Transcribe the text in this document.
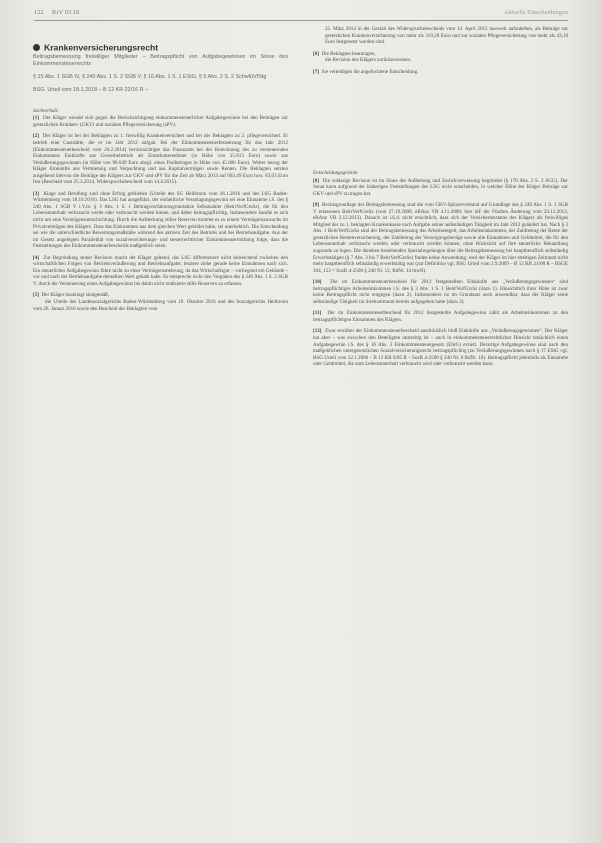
122 KrV 03.18	Aktuelle Entscheidungen
Krankenversicherungsrecht
Beitragsbemessung freiwilliger Mitglieder – Beitragspflicht von Aufgabegewinnen im Sinne des Einkommensteuerrechts
§ 15 Abs. 1 SGB IV, § 240 Abs. 1 S. 2 SGB V, § 16 Abs. 1 S. 1 EStG, § 5 Abs. 2 S. 2 SchwfüVfStg
BSG, Urteil vom 18.1.2018 – B 12 KR 22/16 R –
Sachverhalt:

[1] Der Kläger wendet sich gegen die Berücksichtigung einkommensteuerlicher Aufgabegewinne bei den Beiträgen zur gesetzlichen Kranken- (GKV) und sozialen Pflegeversicherung (sPV).

[2] Der Kläger ist bei der Beklagten zu 1. freiwillig Krankenversichert und bei der Beklagten zu 2. pflegeversichert. Er betrieb eine Gaststätte, die er im Jahr 2012 aufgab. Bei der Einkommensteuerfestsetzung für das Jahr 2012 (Einkommensteuerbescheid vom 26.2.2014) berücksichtigte das Finanzamt bei der Berechnung des zu versteuernden Einkommens Einkünfte aus Gewerbebetrieb als Einzelunternehmer (in Höhe von 35.813 Euro) sowie aus Veräußerungsgewinnen (in Höhe von 98.049 Euro abzgl. eines Freibetrages in Höhe von 45.000 Euro). Weiter bezog der Kläger Einkünfte aus Vermietung und Verpachtung und aus Kapitalvermögen sowie Renten. Die Beklagten setzten ausgehend hiervon die Beiträge des Klägers zur GKV und sPV für die Zeit ab März 2013 auf 602,49 Euro bzw. 83,03 Euro fest (Bescheid vom 25.3.2014, Widerspruchsbescheid vom 14.4.2015).

[3] Klage und Berufung sind ohne Erfolg geblieben (Urteile des SG Heilbronn vom 26.1.2016 und des LSG Baden-Württemberg vom 18.10.2016). Das LSG hat ausgeführt, der einheitliche Veranlagungsgewinn sei eine Einnahme i.S. des § 240 Abs. 1 SGB V i.V.m. § 3 Abs. 1 S. 1 Beitragsverfahrensgrundsätze Selbstzahler (BeitrVerfGrsSz), die für den Lebensunterhalt verbraucht werde oder verbraucht werden könne, und daher beitragspflichtig. Insbesondere handle es sich nicht um eine Vermögensumschichtung. Durch die Aufdeckung stiller Reserven komme es zu einem Vermögenszuwachs im Privatvermögen des Klägers. Dass das Einkommen aus dem gleichen Wert gebildet habe, sei unerheblich. Die Entscheidung sei wie die unterschiedliche Bewertungsmaßstäbe während des aktiven Zeit des Betriebs und bei Betriebsaufgabe. Aus der im Gesetz angelegten Parallelität von sozialversicherungs- und steuerrechtlicher Einkommensermittlung folge, dass die Feststellungen des Einkommensteuerbescheids maßgeblich seien.

[4] Zur Begründung seiner Revision macht der Kläger geltend, das LSG differenziere nicht hinreichend zwischen den wirtschaftlichen Folgen von Betriebsveräußerung und Betriebsaufgabe; letztere ziehe gerade keine Einnahmen nach sich. Ein steuerlicher Aufgabegewinn führe nicht zu einer Vermögensmehrung, da das Wirtschaftsgut – vorliegend ein Gebäude – vor und nach der Betriebsaufgabe denselben Wert gehabt habe. Es entspreche nicht den Vorgaben des § 240 Abs. 1 S. 2 SGB V, durch die Versteuerung eines Aufgabegewinns bis dahin nicht realisierte stille Reserven zu erfassen.

[5] Der Kläger beantragt sinngemäß,
die Urteile des Landessozialgerichts Baden-Württemberg vom 18. Oktober 2016 und des Sozialgerichts Heilbronn vom 26. Januar 2016 sowie den Bescheid der Beklagten vom

25. März 2014 in der Gestalt des Widerspruchsbescheids vom 14. April 2015 insoweit aufzuheben, als Beiträge zur gesetzlichen Krankenversicherung von mehr als 319,28 Euro und zur sozialen Pflegeversicherung von mehr als 43,18 Euro festgesetzt worden sind.

[6] Die Beklagten beantragen,
die Revision des Klägers zurückzuweisen.

[7] Sie verteidigen die angefochtene Entscheidung.

Entscheidungsgründe:

[8] Die zulässige Revision ist im Sinne der Aufhebung und Zurückverweisung begründet (§ 170 Abs. 2 S. 2 SGG). Der Senat kann aufgrund der bisherigen Feststellungen des LSG nicht entscheiden, in welcher Höhe der Kläger Beiträge zur GKV und sPV zu tragen hat.

[9] Rechtsgrundlage der Beitragsbemessung sind die vom GKV-Spitzenverband auf Grundlage des § 240 Abs. 1 S. 1 SGB V erlassenen BeitrVerfGrsSz (vom 27.10.2008, eBAnz VB 4.11.2008; hier idF der Fünften Änderung vom 23.11.2013, eBAnz VB 2.12.2013). Danach ist i.S.d. nicht ersichtlich, dass sich der Versichertenstatus des Klägers als freiwilliges Mitglied der zu 1. beklagten Krankenkasse nach Aufgabe seiner selbständigen Tätigkeit im Jahr 2012 geändert hat. Nach § 3 Abs. 1 BeitrVerfGrsSz sind der Beitragsbemessung das Arbeitsentgelt, das Arbeitseinkommen, der Zahlbetrag der Rente der gesetzlichen Rentenversicherung, der Zahlbetrag der Versorgungsbezüge sowie alle Einnahmen und Geldmittel, die für den Lebensunterhalt verbraucht werden oder verbraucht werden können, ohne Rücksicht auf ihre steuerliche Behandlung zugrunde zu legen. Die daneben bestehenden Spezialregelungen über die Beitragsbemessung bei hauptberuflich selbständig Erwerbstätigen (§ 7 Abs. 3 bis 7 BeitrVerfGrsSz) finden keine Anwendung, weil der Kläger im hier streitigen Zeitraum nicht mehr hauptberuflich selbständig erwerbstätig war (zur Definition vgl. BSG Urteil vom 2.9.2009 – B 12 KR 21/08 R – BSGE 104, 153 = SozR 4-2500 § 240 Nr. 12, RdNr. 14 mwN).

[10] Die im Einkommensteuerbescheid für 2012 festgestellten Einkünfte aus „Veräußerungsgewinnen“ sind beitragspflichtiges Arbeitseinkommen i.S. des § 3 Abs. 1 S. 1 BeitrVerfGrsSz (dazu 1). Hinsichtlich ihrer Höhe ist zwar keine Beitragspflicht nicht entgegen (dazu 2). Insbesondere ist im Grundsatz auch anwendbar, dass der Kläger seine selbständige Tätigkeit im Streitzeitraum bereits aufgegeben hatte (dazu 3).

[11] Der im Einkommensteuerbescheid für 2012 festgestellte Aufgabegewinn zählt als Arbeitseinkommen zu den beitragspflichtigen Einnahmen des Klägers.

[12] Zwar erwähnt der Einkommensteuerbescheid ausdrücklich bloß Einkünfte aus „Veräußerungsgewinnen“. Der Kläger hat aber – was zwischen den Beteiligten unstreitig ist – auch in einkommensteuerrechtlicher Hinsicht tatsächlich einen Aufgabegewinn i.S. des § 16 Abs. 3 Einkommensteuergesetz (EStG) erzielt. Derartige Aufgabegewinne sind nach den maßgeblichen untergesetzlichen Sozialversicherungsrecht beitragspflichtig (zu Veräußerungsgewinnen nach § 17 EStG vgl. BSG Urteil vom 22.1.2006 – B 12 KR 8/05 R – SozR 4-2500 § 240 Nr. 6 RdNr. 18). Beitragspflicht jedenfalls als Einnahme oder Geldmittel, die zum Lebensunterhalt verbraucht wird oder verbraucht werden kann.
